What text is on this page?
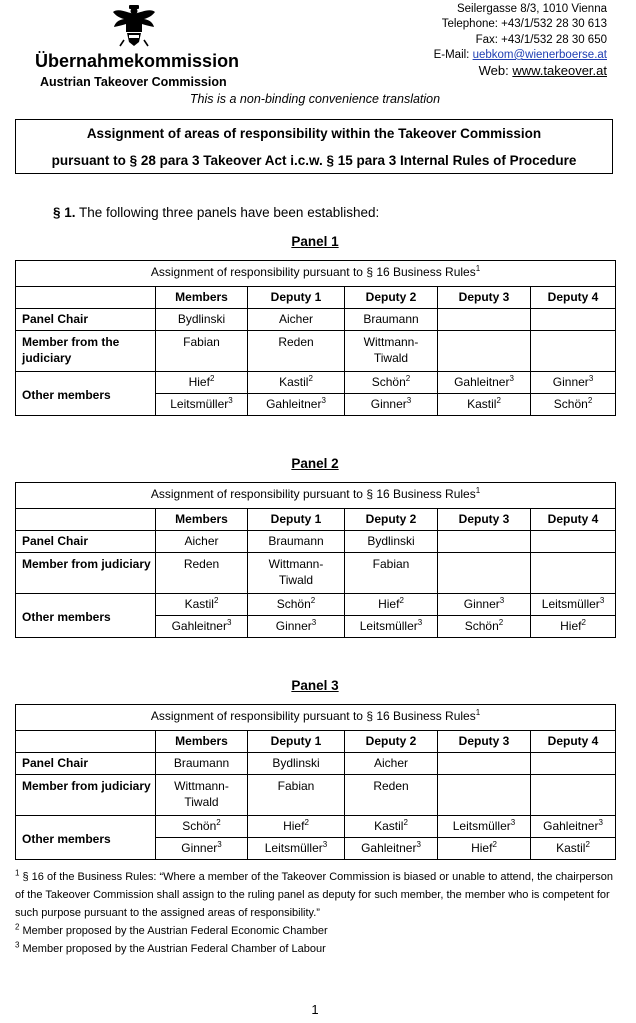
Übernahmekommission
Austrian Takeover Commission
Seilergasse 8/3, 1010 Vienna
Telephone: +43/1/532 28 30 613
Fax: +43/1/532 28 30 650
E-Mail: uebkom@wienerboerse.at
Web: www.takeover.at
This is a non-binding convenience translation
Assignment of areas of responsibility within the Takeover Commission
pursuant to § 28 para 3 Takeover Act i.c.w. § 15 para 3 Internal Rules of Procedure
§ 1. The following three panels have been established:
Panel 1
Assignment of responsibility pursuant to § 16 Business Rules$^1$
	Members	Deputy 1	Deputy 2	Deputy 3	Deputy 4
Panel Chair	Bydlinski	Aicher	Braumann		
Member from the judiciary	Fabian	Reden	Wittmann-Tiwald		
Other members	Hief$^2$	Kastil$^2$	Schön$^2$	Gahleitner$^3$	Ginner$^3$
	Leitsmüller$^3$	Gahleitner$^3$	Ginner$^3$	Kastil$^2$	Schön$^2$
Panel 2
Assignment of responsibility pursuant to § 16 Business Rules$^1$
	Members	Deputy 1	Deputy 2	Deputy 3	Deputy 4
Panel Chair	Aicher	Braumann	Bydlinski		
Member from judiciary	Reden	Wittmann-Tiwald	Fabian		
Other members	Kastil$^2$	Schön$^2$	Hief$^2$	Ginner$^3$	Leitsmüller$^3$
	Gahleitner$^3$	Ginner$^3$	Leitsmüller$^3$	Schön$^2$	Hief$^2$
Panel 3
Assignment of responsibility pursuant to § 16 Business Rules$^1$
	Members	Deputy 1	Deputy 2	Deputy 3	Deputy 4
Panel Chair	Braumann	Bydlinski	Aicher		
Member from judiciary	Wittmann-Tiwald	Fabian	Reden		
Other members	Schön$^2$	Hief$^2$	Kastil$^2$	Leitsmüller$^3$	Gahleitner$^3$
	Ginner$^3$	Leitsmüller$^3$	Gahleitner$^3$	Hief$^2$	Kastil$^2$
$^1$ § 16 of the Business Rules: “Where a member of the Takeover Commission is biased or unable to attend, the chairperson of the Takeover Commission shall assign to the ruling panel as deputy for such member, the member who is competent for such purpose pursuant to the assigned areas of responsibility.”
$^2$ Member proposed by the Austrian Federal Economic Chamber
$^3$ Member proposed by the Austrian Federal Chamber of Labour
1
